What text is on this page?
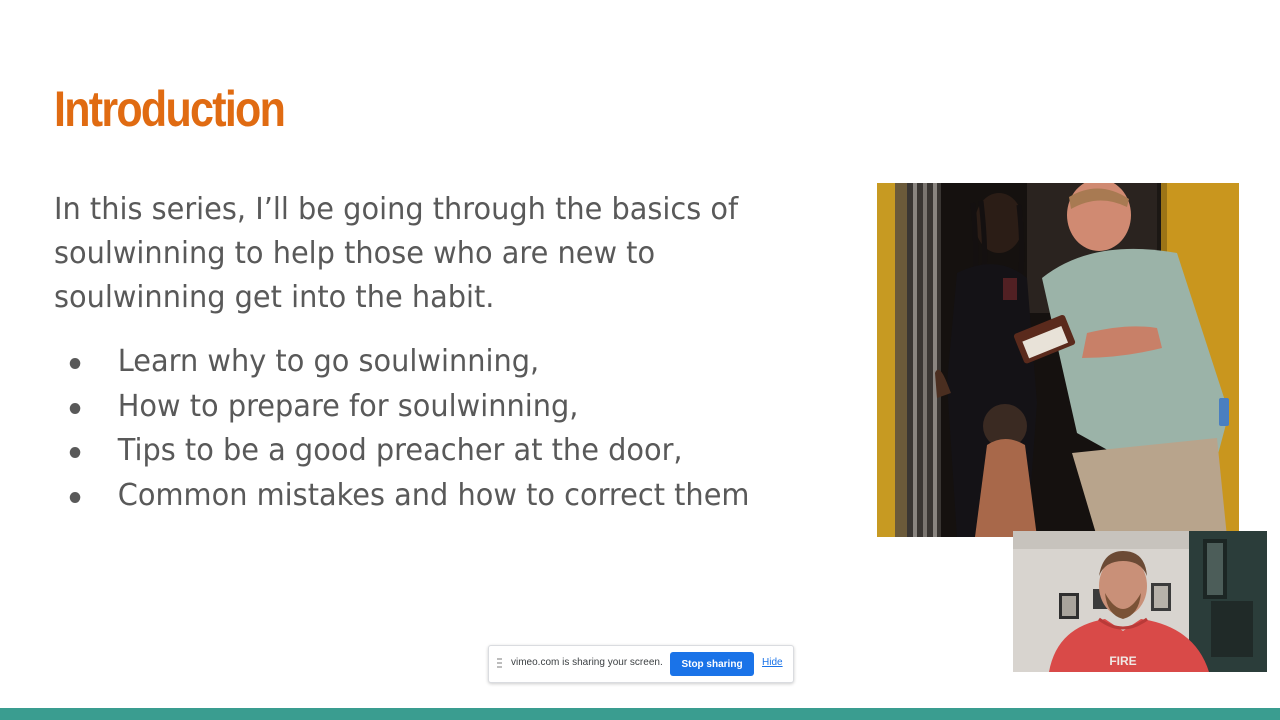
Introduction
In this series, I’ll be going through the basics of soulwinning to help those who are new to soulwinning get into the habit.
Learn why to go soulwinning,
How to prepare for soulwinning,
Tips to be a good preacher at the door,
Common mistakes and how to correct them
FIRE
vimeo.com is sharing your screen.	Stop sharing	Hide
